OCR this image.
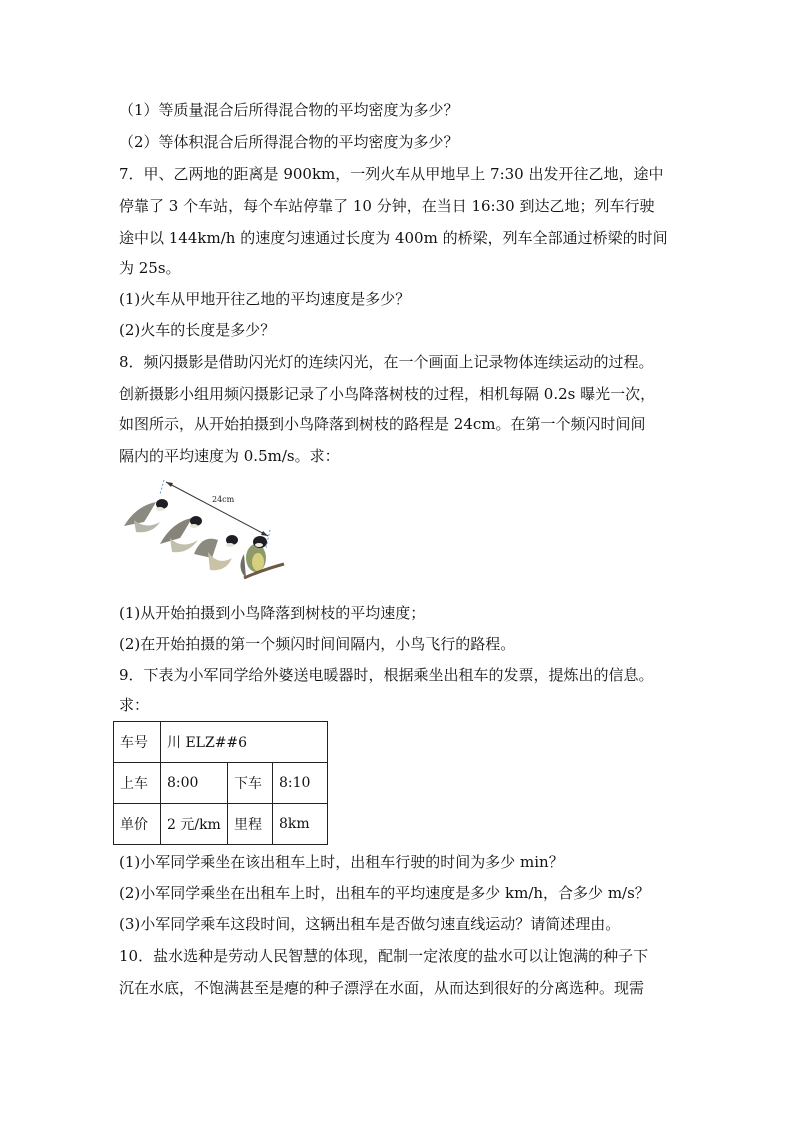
（1）等质量混合后所得混合物的平均密度为多少？
（2）等体积混合后所得混合物的平均密度为多少？
7．甲、乙两地的距离是 900km，一列火车从甲地早上 7:30 出发开往乙地，途中
停靠了 3 个车站，每个车站停靠了 10 分钟，在当日 16:30 到达乙地；列车行驶
途中以 144km/h 的速度匀速通过长度为 400m 的桥梁，列车全部通过桥梁的时间
为 25s。
(1)火车从甲地开往乙地的平均速度是多少？
(2)火车的长度是多少？
8．频闪摄影是借助闪光灯的连续闪光，在一个画面上记录物体连续运动的过程。
创新摄影小组用频闪摄影记录了小鸟降落树枝的过程，相机每隔 0.2s 曝光一次，
如图所示，从开始拍摄到小鸟降落到树枝的路程是 24cm。在第一个频闪时间间
隔内的平均速度为 0.5m/s。求：
24cm
(1)从开始拍摄到小鸟降落到树枝的平均速度；
(2)在开始拍摄的第一个频闪时间间隔内，小鸟飞行的路程。
9．下表为小军同学给外婆送电暖器时，根据乘坐出租车的发票，提炼出的信息。
求：
车号	川 ELZ##6		
上车	8:00	下车	8:10
单价	2 元/km	里程	8km
(1)小军同学乘坐在该出租车上时，出租车行驶的时间为多少 min？
(2)小军同学乘坐在出租车上时，出租车的平均速度是多少 km/h，合多少 m/s？
(3)小军同学乘车这段时间，这辆出租车是否做匀速直线运动？请简述理由。
10．盐水选种是劳动人民智慧的体现，配制一定浓度的盐水可以让饱满的种子下
沉在水底，不饱满甚至是瘪的种子漂浮在水面，从而达到很好的分离选种。现需
